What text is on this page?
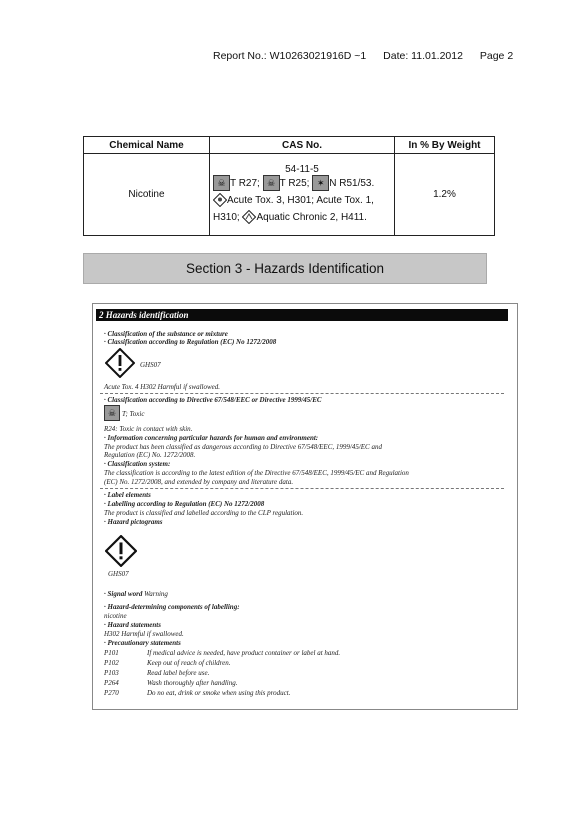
Report No.: W10263021916D ~1 Date: 11.01.2012 Page 2
Chemical Name	CAS No.	In % By Weight
Nicotine	54-11-5
☠ T R27; ☠ T R25; ✶ N R51/53.
Acute Tox. 3, H301; Acute Tox. 1,
H310; Aquatic Chronic 2, H411.	1.2%
Section 3 - Hazards Identification
2 Hazards identification
· Classification of the substance or mixture
· Classification according to Regulation (EC) No 1272/2008
GHS07
Acute Tox. 4 H302 Harmful if swallowed.
· Classification according to Directive 67/548/EEC or Directive 1999/45/EC
☠ T; Toxic
R24: Toxic in contact with skin.
· Information concerning particular hazards for human and environment:
The product has been classified as dangerous according to Directive 67/548/EEC, 1999/45/EC and
Regulation (EC) No. 1272/2008.
· Classification system:
The classification is according to the latest edition of the Directive 67/548/EEC, 1999/45/EC and Regulation
(EC) No. 1272/2008, and extended by company and literature data.
· Label elements
· Labelling according to Regulation (EC) No 1272/2008
The product is classified and labelled according to the CLP regulation.
· Hazard pictograms
GHS07
· Signal word Warning
· Hazard-determining components of labelling:
nicotine
· Hazard statements
H302 Harmful if swallowed.
· Precautionary statements
P101	If medical advice is needed, have product container or label at hand.
P102	Keep out of reach of children.
P103	Read label before use.
P264	Wash thoroughly after handling.
P270	Do no eat, drink or smoke when using this product.
